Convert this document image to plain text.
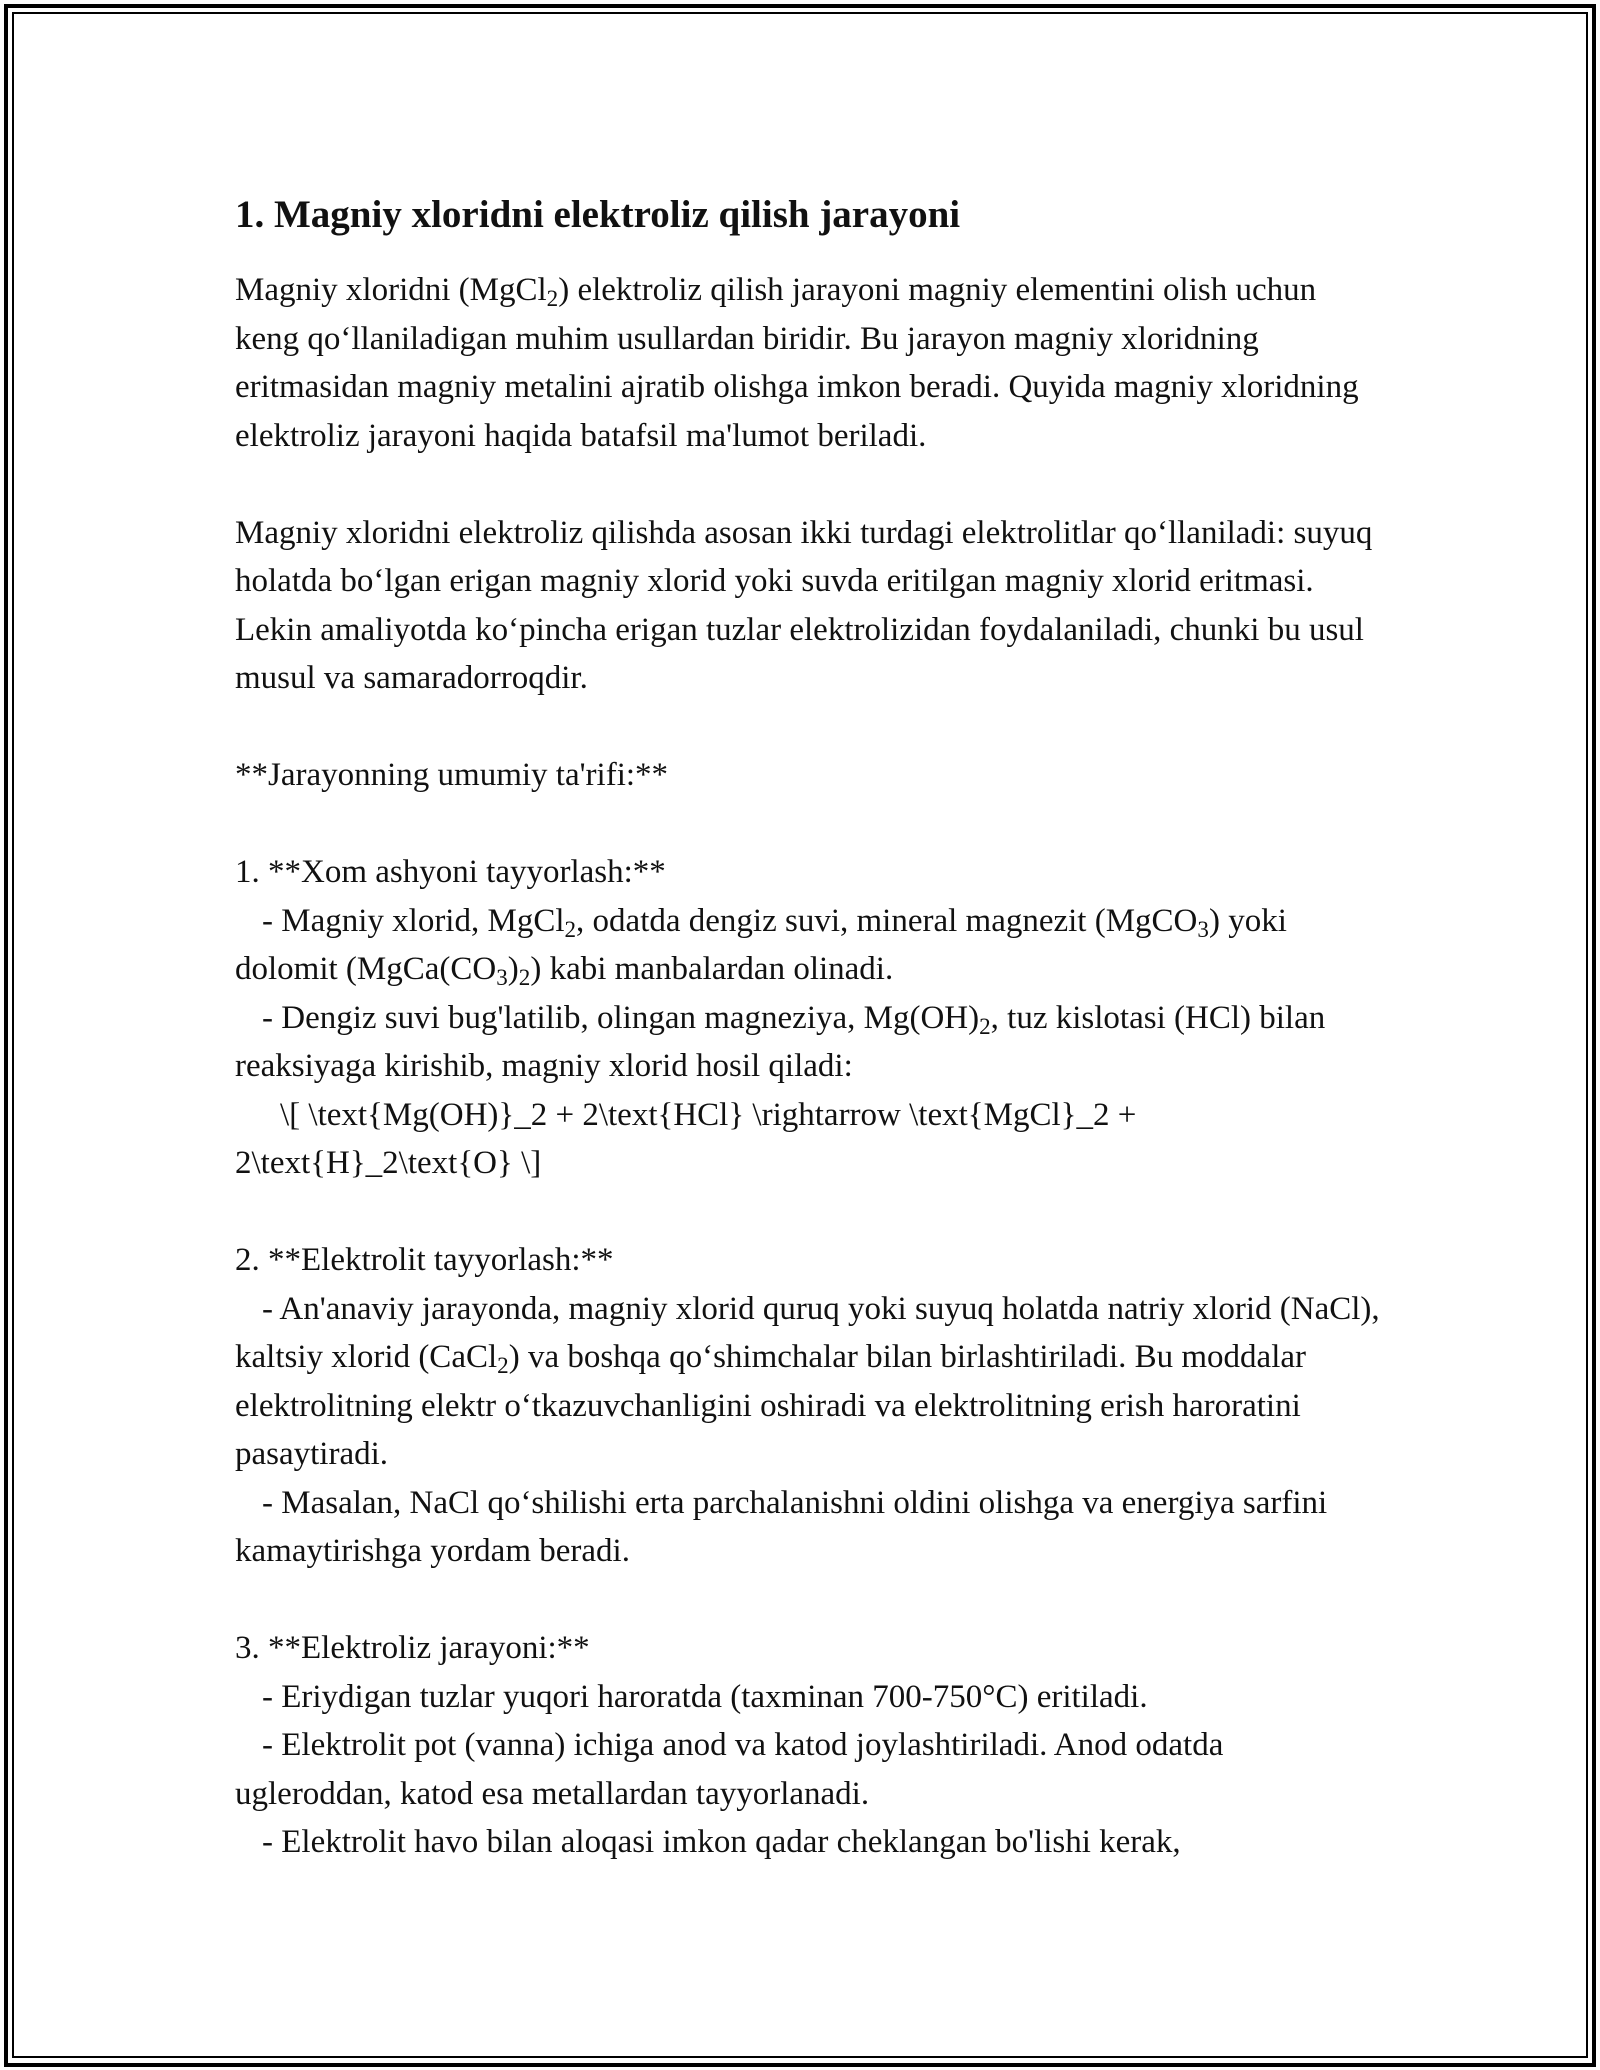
1. Magniy xloridni elektroliz qilish jarayoni

Magniy xloridni (MgCl$_2$) elektroliz qilish jarayoni magniy elementini olish uchun keng qo‘llaniladigan muhim usullardan biridir. Bu jarayon magniy xloridning eritmasidan magniy metalini ajratib olishga imkon beradi. Quyida magniy xloridning elektroliz jarayoni haqida batafsil ma'lumot beriladi.

Magniy xloridni elektroliz qilishda asosan ikki turdagi elektrolitlar qo‘llaniladi: suyuq holatda bo‘lgan erigan magniy xlorid yoki suvda eritilgan magniy xlorid eritmasi. Lekin amaliyotda ko‘pincha erigan tuzlar elektrolizidan foydalaniladi, chunki bu usul musul va samaradorroqdir.

**Jarayonning umumiy ta'rifi:**

1. **Xom ashyoni tayyorlash:**

- Magniy xlorid, MgCl$_2$, odatda dengiz suvi, mineral magnezit (MgCO$_3$) yoki dolomit $(MgCa(CO_3)_2)$ kabi manbalardan olinadi.

- Dengiz suvi bug'latilib, olingan magneziya, $Mg(OH)_2$, tuz kislotasi (HCl) bilan reaksiyaga kirishib, magniy xlorid hosil qiladi:

\[ \text{Mg(OH)}_2 + 2\text{HCl} \rightarrow \text{MgCl}_2 + 2\text{H}_2\text{O} \]

2. **Elektrolit tayyorlash:**

- An'anaviy jarayonda, magniy xlorid quruq yoki suyuq holatda natriy xlorid (NaCl), kaltsiy xlorid (CaCl$_2$) va boshqa qo‘shimchalar bilan birlashtiriladi. Bu moddalar elektrolitning elektr o‘tkazuvchanligini oshiradi va elektrolitning erish haroratini pasaytiradi.

- Masalan, NaCl qo‘shilishi erta parchalanishni oldini olishga va energiya sarfini kamaytirishga yordam beradi.

3. **Elektroliz jarayoni:**

- Eriydigan tuzlar yuqori haroratda (taxminan 700-750°C) eritiladi.

- Elektrolit pot (vanna) ichiga anod va katod joylashtiriladi. Anod odatda ugleroddan, katod esa metallardan tayyorlanadi.

- Elektrolit havo bilan aloqasi imkon qadar cheklangan bo'lishi kerak,
